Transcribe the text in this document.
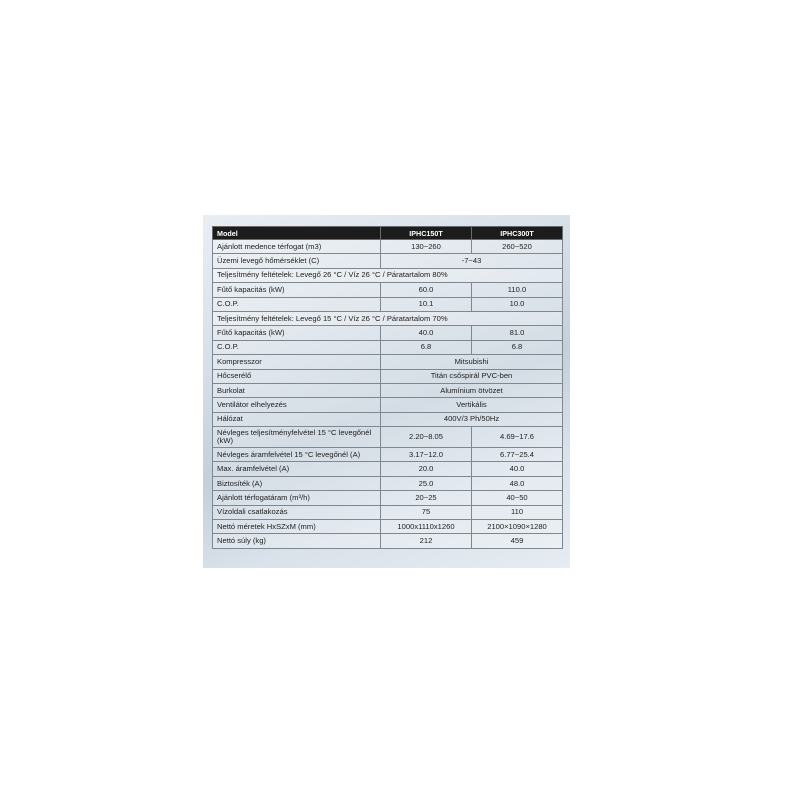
Model	IPHC150T	IPHC300T
Ajánlott medence térfogat (m3)	130~260	260~520
Üzemi levegő hőmérséklet (C)	-7~43	
Teljesítmény feltételek: Levegő 26 °C / Víz 26 °C / Páratartalom 80%		
Fűtő kapacitás (kW)	60.0	110.0
C.O.P.	10.1	10.0
Teljesítmény feltételek: Levegő 15 °C / Víz 26 °C / Páratartalom 70%		
Fűtő kapacitás (kW)	40.0	81.0
C.O.P.	6.8	6.8
Kompresszor	Mitsubishi	
Hőcserélő	Titán csőspirál PVC-ben	
Burkolat	Alumínium ötvözet	
Ventilátor elhelyezés	Vertikális	
Hálózat	400V/3 Ph/50Hz	
Névleges teljesítményfelvétel 15 °C levegőnél (kW)	2.20~8.05	4.69~17.6
Névleges áramfelvétel 15 °C levegőnél (A)	3.17~12.0	6.77~25.4
Max. áramfelvétel (A)	20.0	40.0
Biztosíték (A)	25.0	48.0
Ajánlott térfogatáram (m³/h)	20~25	40~50
Vízoldali csatlakozás	75	110
Nettó méretek HxSZxM (mm)	1000x1110x1260	2100×1090×1280
Nettó súly (kg)	212	459
